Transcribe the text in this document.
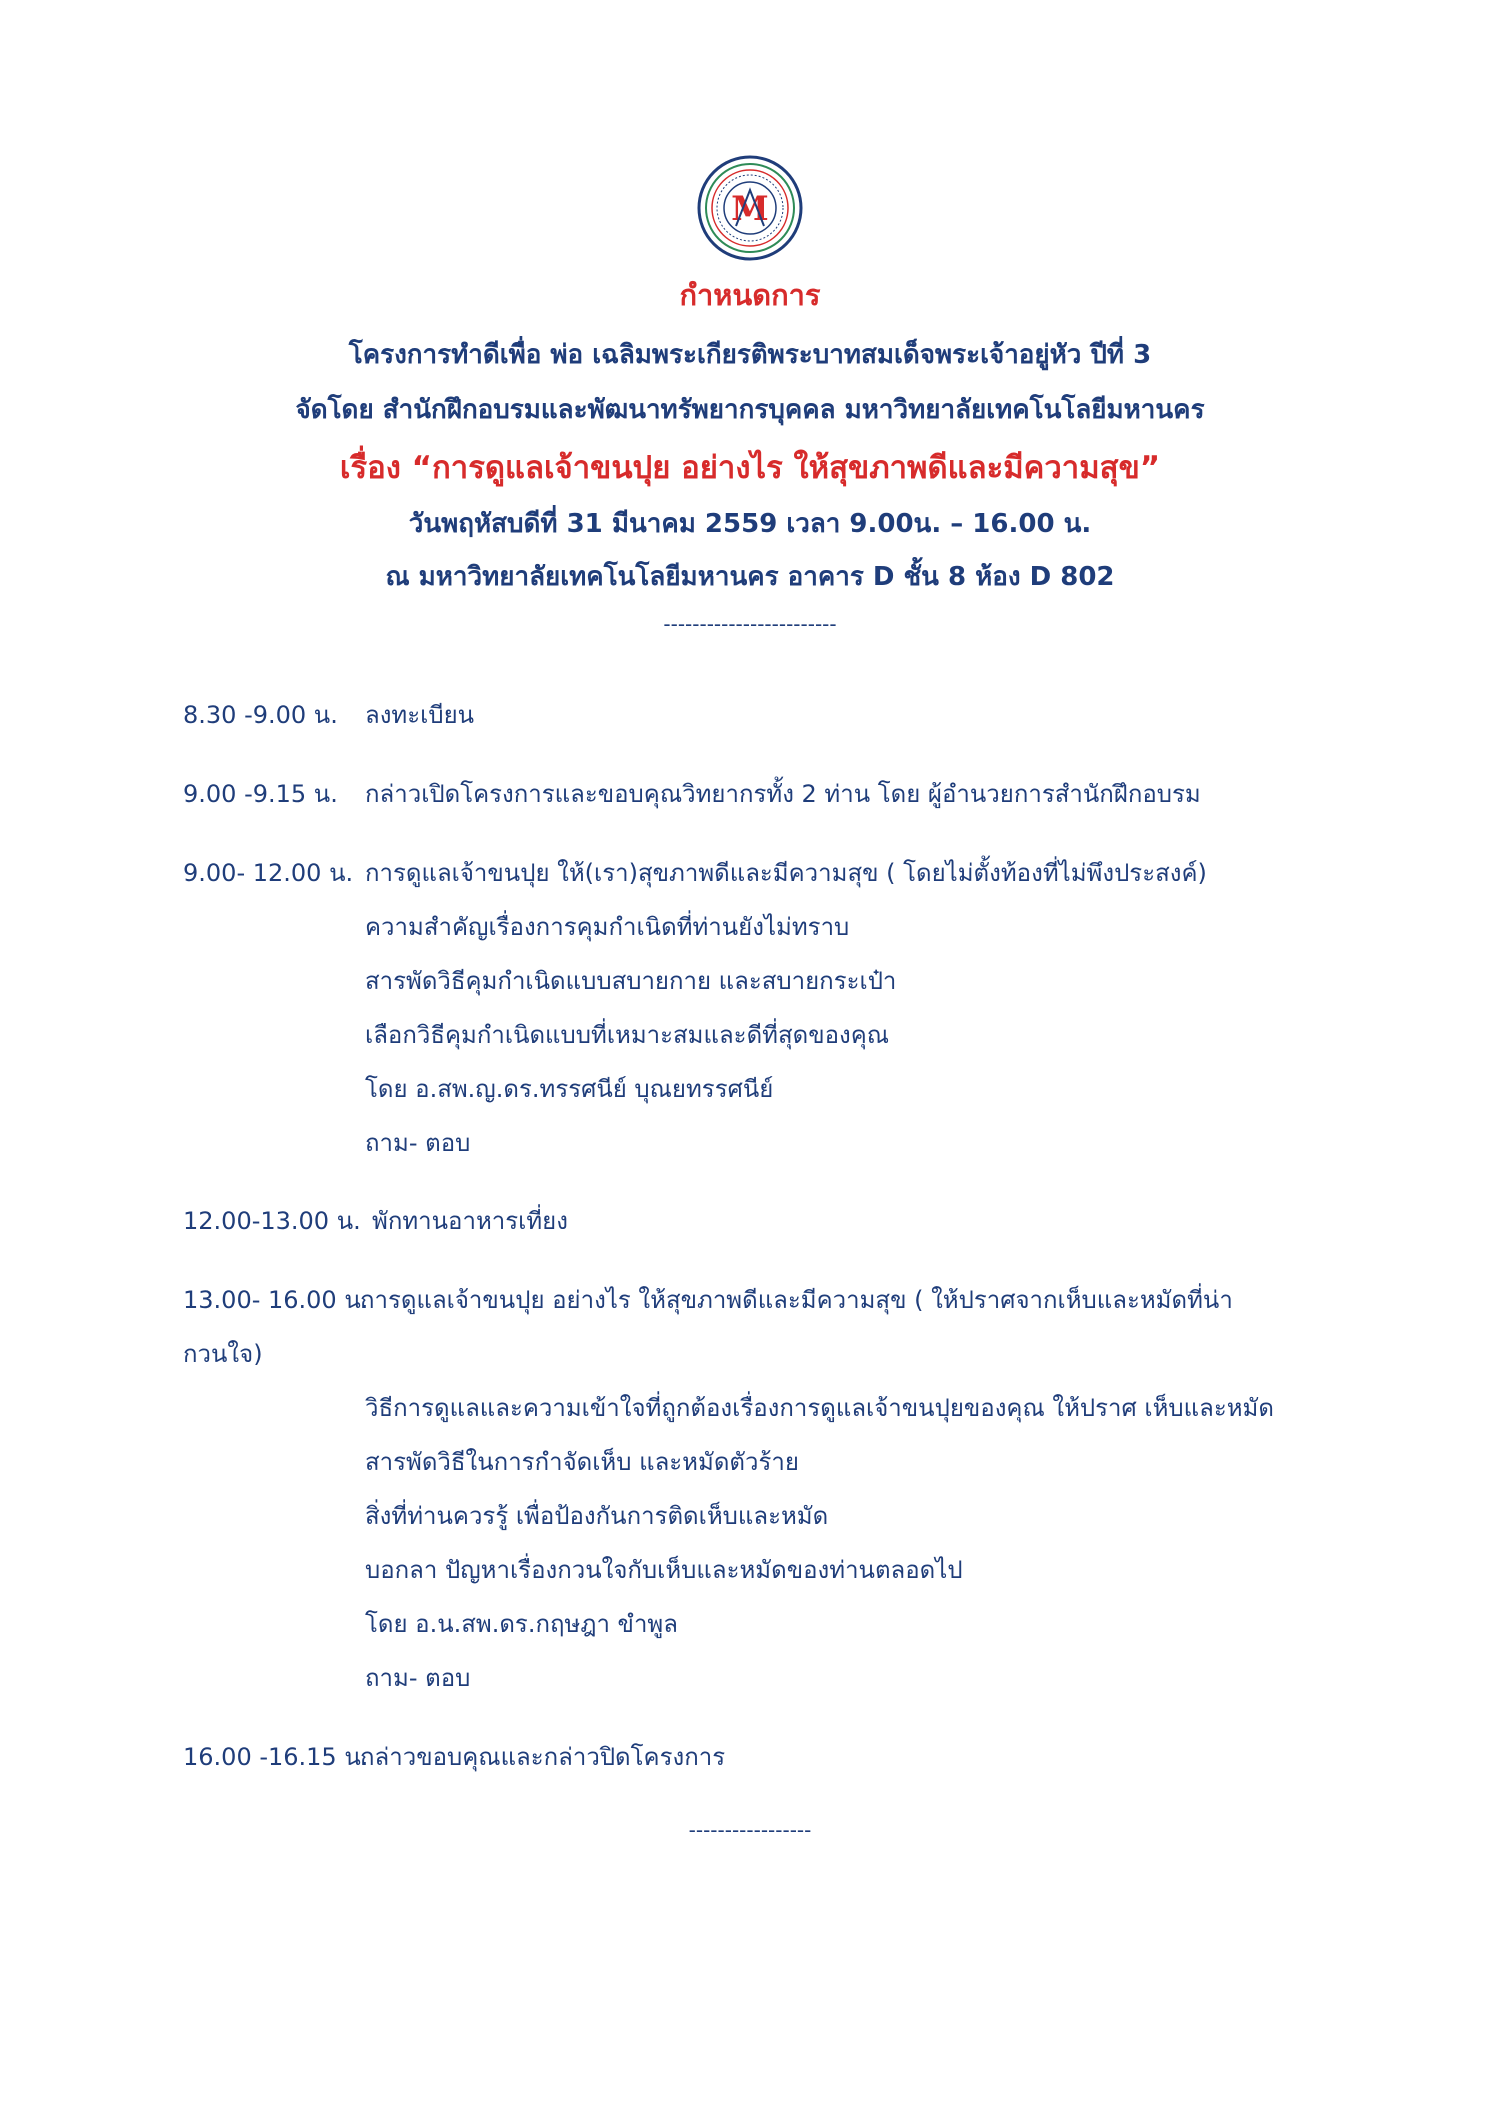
M
กำหนดการ
โครงการทำดีเพื่อ พ่อ เฉลิมพระเกียรติพระบาทสมเด็จพระเจ้าอยู่หัว ปีที่ 3
จัดโดย สำนักฝึกอบรมและพัฒนาทรัพยากรบุคคล มหาวิทยาลัยเทคโนโลยีมหานคร
เรื่อง “การดูแลเจ้าขนปุย อย่างไร ให้สุขภาพดีและมีความสุข”
วันพฤหัสบดีที่ 31 มีนาคม 2559 เวลา 9.00น. – 16.00 น.
ณ มหาวิทยาลัยเทคโนโลยีมหานคร อาคาร D ชั้น 8 ห้อง D 802
------------------------
8.30 -9.00 น. ลงทะเบียน
9.00 -9.15 น. กล่าวเปิดโครงการและขอบคุณวิทยากรทั้ง 2 ท่าน โดย ผู้อำนวยการสำนักฝึกอบรม
9.00- 12.00 น. การดูแลเจ้าขนปุย ให้(เรา)สุขภาพดีและมีความสุข ( โดยไม่ตั้งท้องที่ไม่พึงประสงค์)
ความสำคัญเรื่องการคุมกำเนิดที่ท่านยังไม่ทราบ
สารพัดวิธีคุมกำเนิดแบบสบายกาย และสบายกระเป๋า
เลือกวิธีคุมกำเนิดแบบที่เหมาะสมและดีที่สุดของคุณ
โดย อ.สพ.ญ.ดร.ทรรศนีย์ บุณยทรรศนีย์
ถาม- ตอบ
12.00-13.00 น. พักทานอาหารเที่ยง
13.00- 16.00 น.
การดูแลเจ้าขนปุย อย่างไร ให้สุขภาพดีและมีความสุข ( ให้ปราศจากเห็บและหมัดที่น่า
กวนใจ)
วิธีการดูแลและความเข้าใจที่ถูกต้องเรื่องการดูแลเจ้าขนปุยของคุณ ให้ปราศ เห็บและหมัด
สารพัดวิธีในการกำจัดเห็บ และหมัดตัวร้าย
สิ่งที่ท่านควรรู้ เพื่อป้องกันการติดเห็บและหมัด
บอกลา ปัญหาเรื่องกวนใจกับเห็บและหมัดของท่านตลอดไป
โดย อ.น.สพ.ดร.กฤษฎา ขำพูล
ถาม- ตอบ
16.00 -16.15 น.
กล่าวขอบคุณและกล่าวปิดโครงการ
-----------------
